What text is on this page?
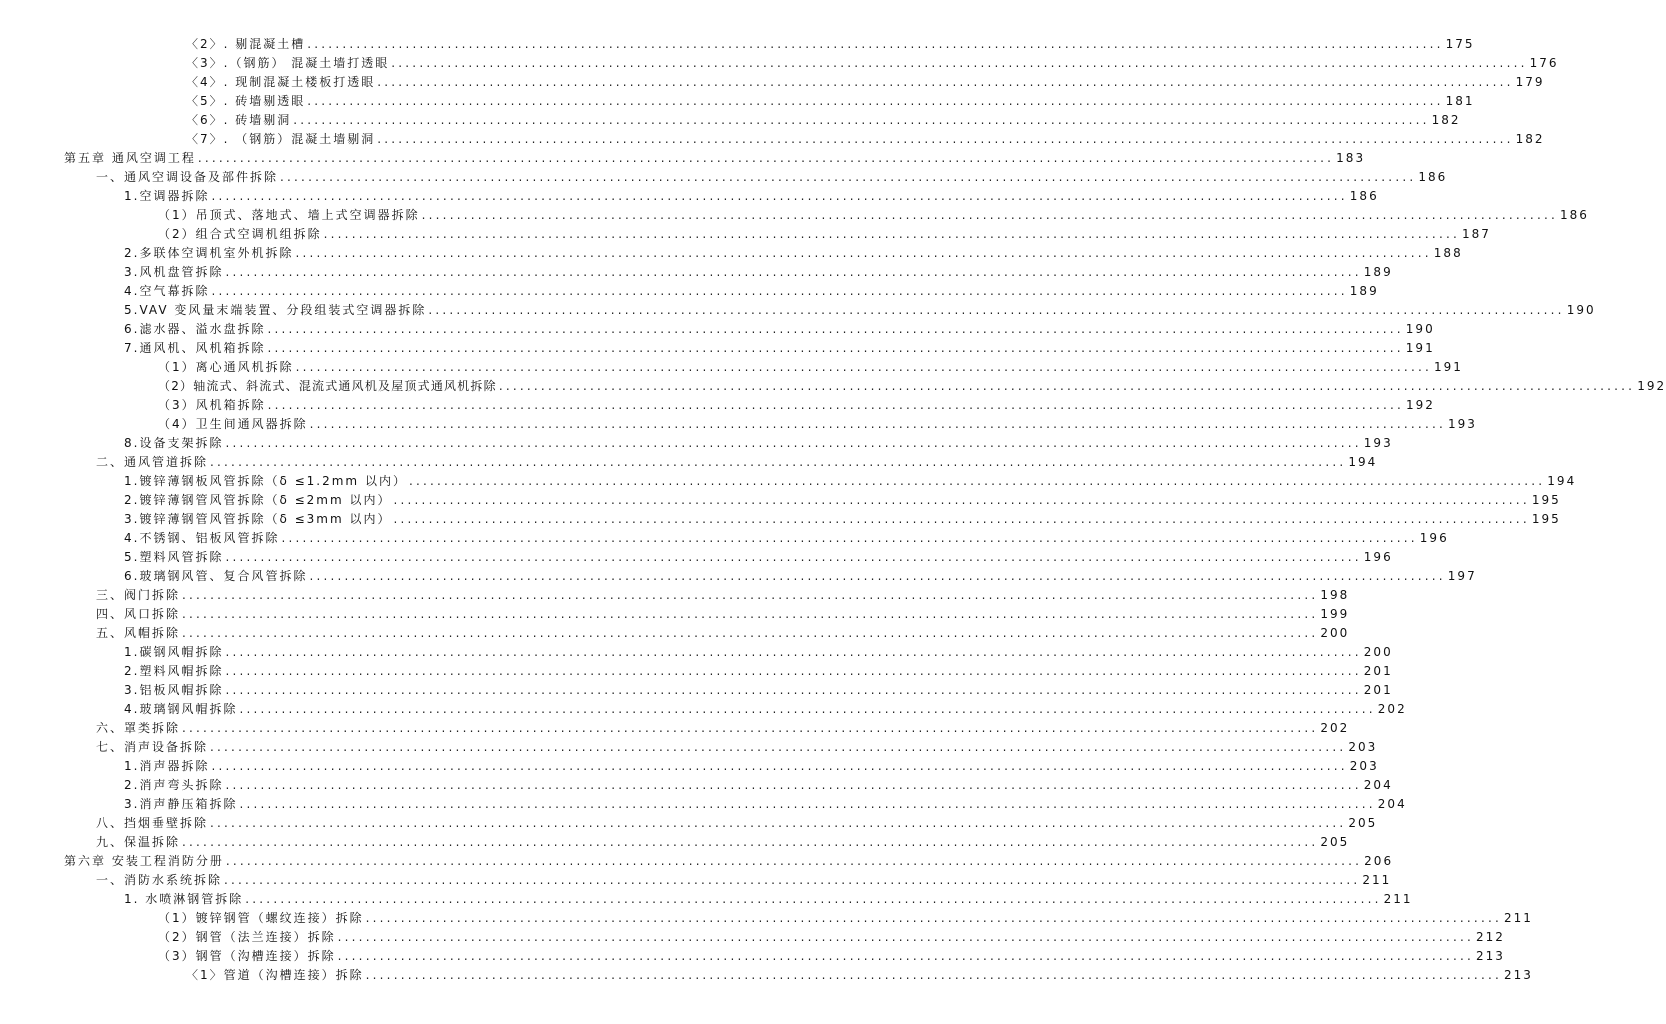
〈2〉. 剔混凝土槽 .................................................................................................................................................................. 175
〈3〉.（钢筋） 混凝土墙打透眼 .................................................................................................................................................................. 176
〈4〉. 现制混凝土楼板打透眼 .................................................................................................................................................................. 179
〈5〉. 砖墙剔透眼 .................................................................................................................................................................. 181
〈6〉. 砖墙剔洞 .................................................................................................................................................................. 182
〈7〉. （钢筋）混凝土墙剔洞 .................................................................................................................................................................. 182
第五章 通风空调工程 .................................................................................................................................................................. 183
一、通风空调设备及部件拆除 .................................................................................................................................................................. 186
1.空调器拆除 .................................................................................................................................................................. 186
（1）吊顶式、落地式、墙上式空调器拆除 .................................................................................................................................................................. 186
（2）组合式空调机组拆除 .................................................................................................................................................................. 187
2.多联体空调机室外机拆除 .................................................................................................................................................................. 188
3.风机盘管拆除 .................................................................................................................................................................. 189
4.空气幕拆除 .................................................................................................................................................................. 189
5.VAV 变风量末端装置、分段组装式空调器拆除 .................................................................................................................................................................. 190
6.滤水器、溢水盘拆除 .................................................................................................................................................................. 190
7.通风机、风机箱拆除 .................................................................................................................................................................. 191
（1）离心通风机拆除 .................................................................................................................................................................. 191
（2）轴流式、斜流式、混流式通风机及屋顶式通风机拆除 .................................................................................................................................................................. 192
（3）风机箱拆除 .................................................................................................................................................................. 192
（4）卫生间通风器拆除 .................................................................................................................................................................. 193
8.设备支架拆除 .................................................................................................................................................................. 193
二、通风管道拆除 .................................................................................................................................................................. 194
1.镀锌薄钢板风管拆除（δ ≤1.2mm 以内） .................................................................................................................................................................. 194
2.镀锌薄钢管风管拆除（δ ≤2mm 以内） .................................................................................................................................................................. 195
3.镀锌薄钢管风管拆除（δ ≤3mm 以内） .................................................................................................................................................................. 195
4.不锈钢、铝板风管拆除 .................................................................................................................................................................. 196
5.塑料风管拆除 .................................................................................................................................................................. 196
6.玻璃钢风管、复合风管拆除 .................................................................................................................................................................. 197
三、阀门拆除 .................................................................................................................................................................. 198
四、风口拆除 .................................................................................................................................................................. 199
五、风帽拆除 .................................................................................................................................................................. 200
1.碳钢风帽拆除 .................................................................................................................................................................. 200
2.塑料风帽拆除 .................................................................................................................................................................. 201
3.铝板风帽拆除 .................................................................................................................................................................. 201
4.玻璃钢风帽拆除 .................................................................................................................................................................. 202
六、罩类拆除 .................................................................................................................................................................. 202
七、消声设备拆除 .................................................................................................................................................................. 203
1.消声器拆除 .................................................................................................................................................................. 203
2.消声弯头拆除 .................................................................................................................................................................. 204
3.消声静压箱拆除 .................................................................................................................................................................. 204
八、挡烟垂壁拆除 .................................................................................................................................................................. 205
九、保温拆除 .................................................................................................................................................................. 205
第六章 安装工程消防分册 .................................................................................................................................................................. 206
一、消防水系统拆除 .................................................................................................................................................................. 211
1. 水喷淋钢管拆除 .................................................................................................................................................................. 211
（1）镀锌钢管（螺纹连接）拆除 .................................................................................................................................................................. 211
（2）钢管（法兰连接）拆除 .................................................................................................................................................................. 212
（3）钢管（沟槽连接）拆除 .................................................................................................................................................................. 213
〈1〉管道（沟槽连接）拆除 .................................................................................................................................................................. 213
